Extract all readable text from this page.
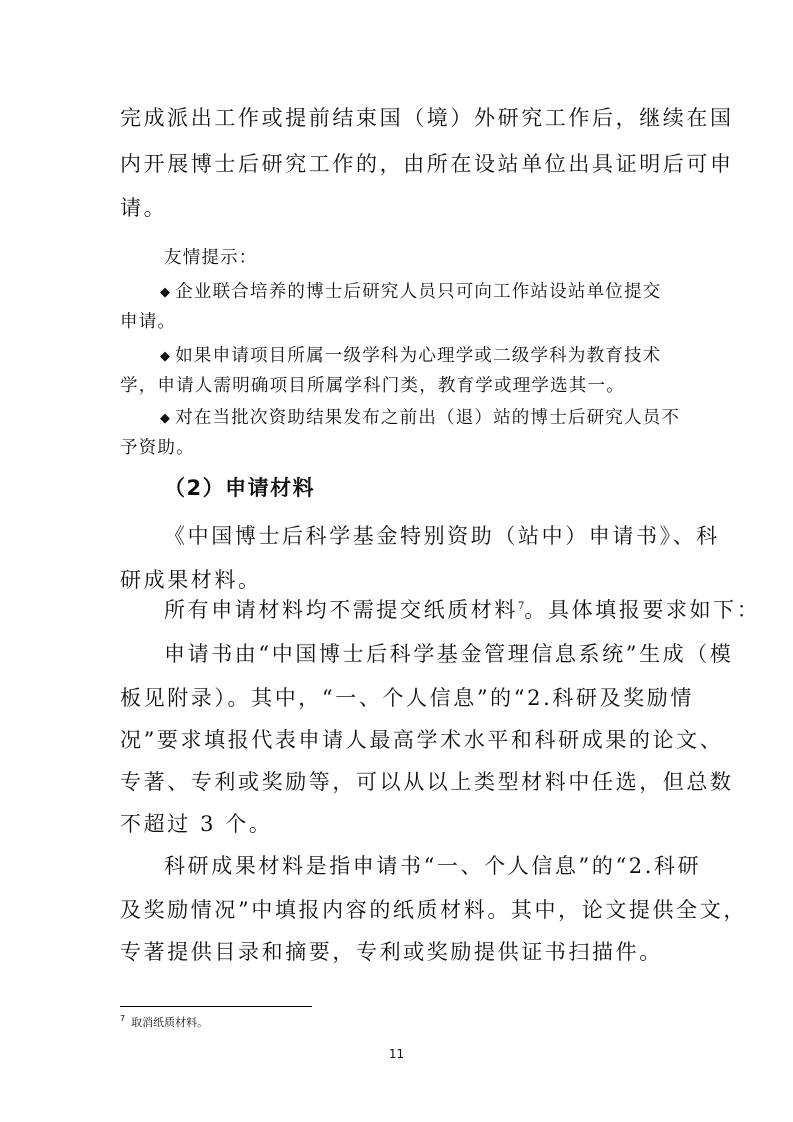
完成派出工作或提前结束国（境）外研究工作后，继续在国

内开展博士后研究工作的，由所在设站单位出具证明后可申

请。

友情提示：

◆ 企业联合培养的博士后研究人员只可向工作站设站单位提交

申请。

◆ 如果申请项目所属一级学科为心理学或二级学科为教育技术

学，申请人需明确项目所属学科门类，教育学或理学选其一。

◆ 对在当批次资助结果发布之前出（退）站的博士后研究人员不

予资助。

（2）申请材料

《中国博士后科学基金特别资助（站中）申请书》、科

研成果材料。

所有申请材料均不需提交纸质材料$^7$。具体填报要求如下：

申请书由“中国博士后科学基金管理信息系统”生成（模

板见附录）。其中，“一、个人信息”的“2.科研及奖励情

况”要求填报代表申请人最高学术水平和科研成果的论文、

专著、专利或奖励等，可以从以上类型材料中任选，但总数

不超过 3 个。

科研成果材料是指申请书“一、个人信息”的“2.科研

及奖励情况”中填报内容的纸质材料。其中，论文提供全文，

专著提供目录和摘要，专利或奖励提供证书扫描件。

$^7$ 取消纸质材料。
11
